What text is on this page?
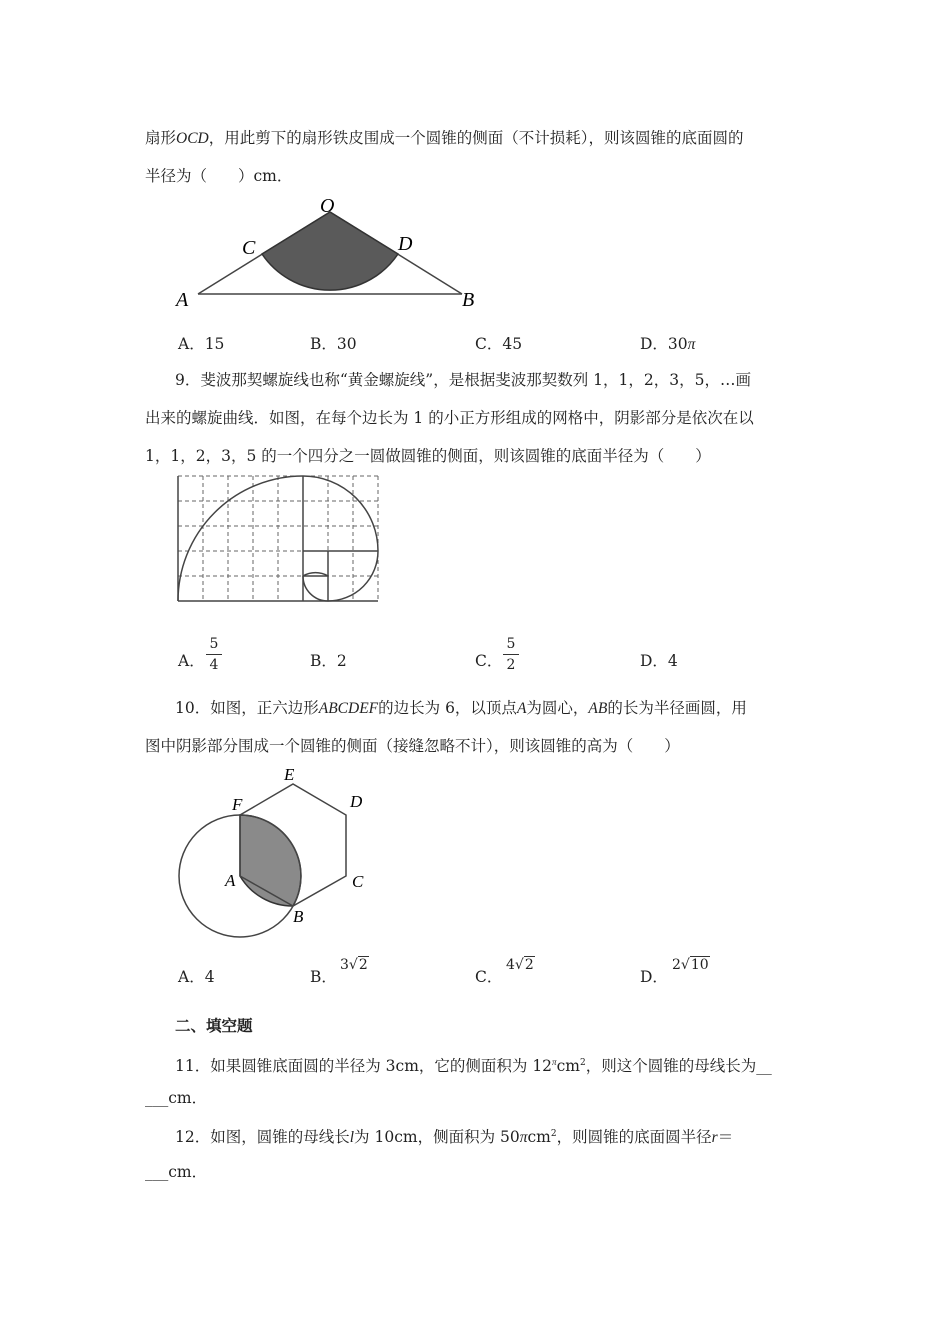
扇形OCD，用此剪下的扇形铁皮围成一个圆锥的侧面（不计损耗），则该圆锥的底面圆的
半径为（　　）cm．
O
C	D
A	B
A．15	B．30	C．45	D．30π
9．斐波那契螺旋线也称“黄金螺旋线”，是根据斐波那契数列 1，1，2，3，5，…画
出来的螺旋曲线．如图，在每个边长为 1 的小正方形组成的网格中，阴影部分是依次在以
1，1，2，3，5 的一个四分之一圆做圆锥的侧面，则该圆锥的底面半径为（　　）
A．
5
4	B．2	C．
5
2	D．4
10．如图，正六边形ABCDEF的边长为 6，以顶点A为圆心，AB的长为半径画圆，用
图中阴影部分围成一个圆锥的侧面（接缝忽略不计），则该圆锥的高为（　　）
E
D
F
A	C
B
A．4	B．
3√2
C．
4√2
D．
2√10
二、填空题
11．如果圆锥底面圆的半径为 3cm，它的侧面积为 $12^\pi cm^2$，则这个圆锥的母线长为__
___cm．
12．如图，圆锥的母线长l为 10cm，侧面积为 50πcm$^2$，则圆锥的底面圆半径r＝
___cm．
